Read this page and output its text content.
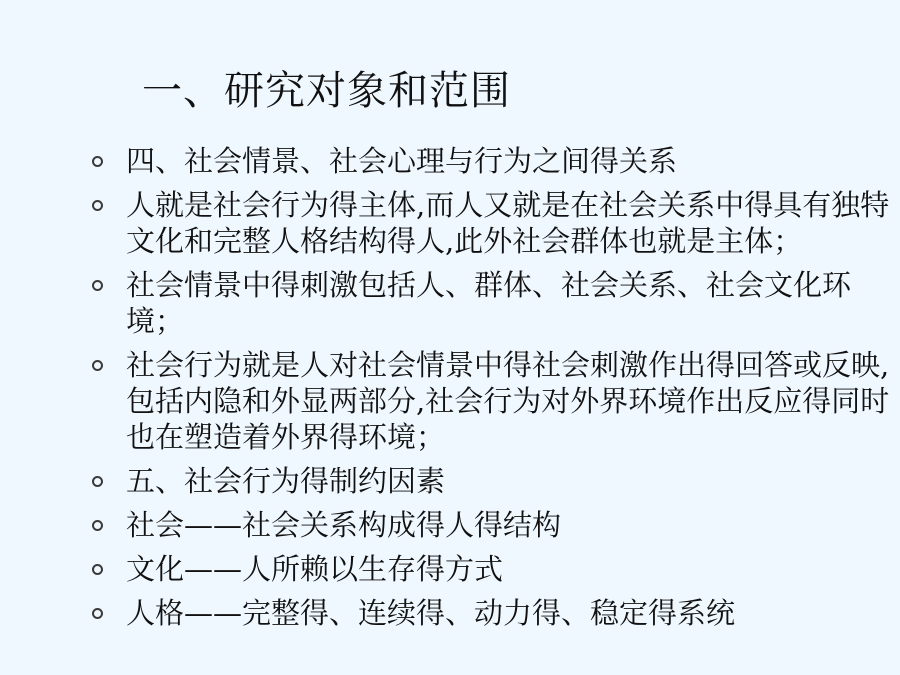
一、研究对象和范围
四、社会情景、社会心理与行为之间得关系
人就是社会行为得主体,而人又就是在社会关系中得具有独特文化和完整人格结构得人,此外社会群体也就是主体；
社会情景中得刺激包括人、群体、社会关系、社会文化环境；
社会行为就是人对社会情景中得社会刺激作出得回答或反映,包括内隐和外显两部分,社会行为对外界环境作出反应得同时也在塑造着外界得环境；
五、社会行为得制约因素
社会——社会关系构成得人得结构
文化——人所赖以生存得方式
人格——完整得、连续得、动力得、稳定得系统
